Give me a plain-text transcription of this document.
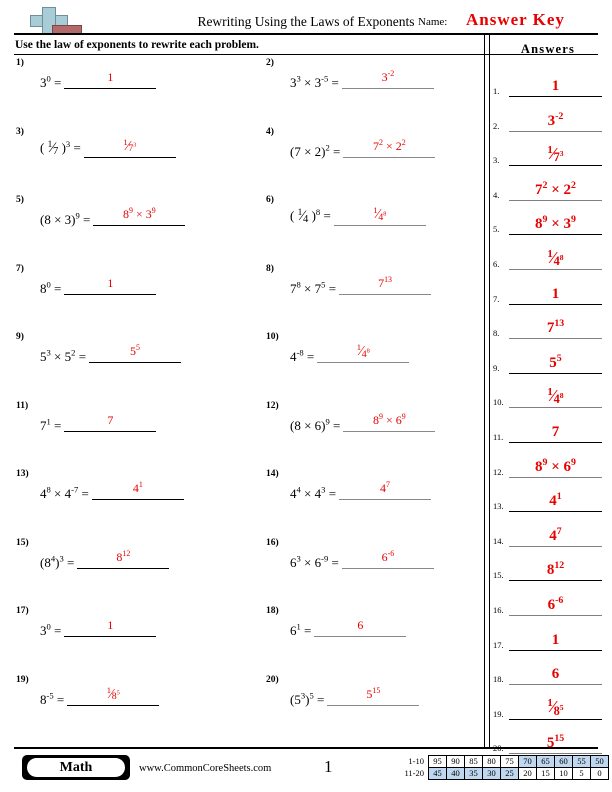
Rewriting Using the Laws of Exponents Name: Answer Key
Use the law of exponents to rewrite each problem.
1)
$3^0$ =	1
2)
$3^3 \times 3^{-5}$ =	$3^{-2}$
3)
( $^1$⁄7 )$^3$ =	$^1⁄7^3$
4)
$(7 \times 2)^2$ =	$7^2 \times 2^2$
5)
$(8 \times 3)^9$ =	$8^9 \times 3^9$
6)
( $^1$⁄4 )$^8$ =	$^1⁄4^8$
7)
$8^0$ =	1
8)
$7^8 \times 7^5$ =	$7^{13}$
9)
$5^3 \times 5^2$ =	$5^5$
10)
$4^{-8}$ =
$^1⁄4^8$
11)
$7^1$ =	7
12)
$(8 \times 6)^9$ =	$8^9 \times 6^9$
13)
$4^8 \times 4^{-7}$ =	$4^1$
14)
$4^4 \times 4^3$ =	$4^7$
15)
$(8^4)^3$ =	$8^{12}$
16)
$6^3 \times 6^{-9}$ =	$6^{-6}$
17)
$3^0$ =	1
18)
$6^1$ =	6
19)
$8^{-5}$ =
$^1⁄8^5$
20)
$(5^3)^5$ =	$5^{15}$
Answers
1.	1
2.	$3^{-2}$
3.
$^1⁄7^3$
4.	$7^2 \times 2^2$
5.	$8^9 \times 3^9$
6.
$^1⁄4^8$
7.	1
8.	$7^{13}$
9.	$5^5$
10.
$^1⁄4^8$
11.	7
12.	$8^9 \times 6^9$
13.	$4^1$
14.	$4^7$
15.	$8^{12}$
16.	$6^{-6}$
17.	1
18.	6
19.
$^1⁄8^5$
20.	$5^{15}$
Math	www.CommonCoreSheets.com	1	1-10	95	90	85	80	75	70	65	60	55	50
11-20	45	40	35	30	25	20	15	10	5	0
